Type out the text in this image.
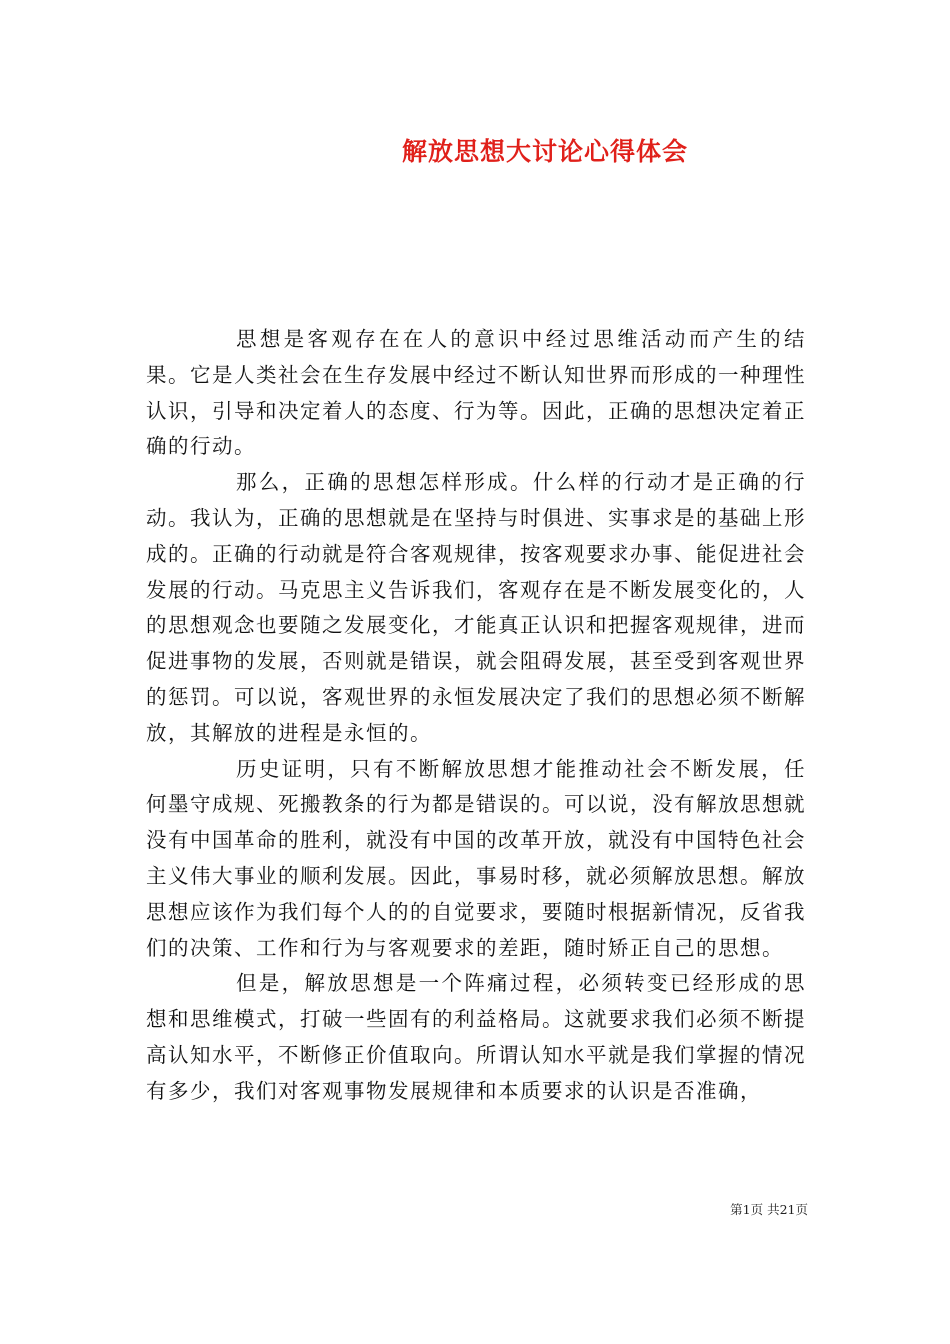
解放思想大讨论心得体会

思想是客观存在在人的意识中经过思维活动而产生的结果。它是人类社会在生存发展中经过不断认知世界而形成的一种理性认识，引导和决定着人的态度、行为等。因此，正确的思想决定着正确的行动。

那么，正确的思想怎样形成。什么样的行动才是正确的行动。我认为，正确的思想就是在坚持与时俱进、实事求是的基础上形成的。正确的行动就是符合客观规律，按客观要求办事、能促进社会发展的行动。马克思主义告诉我们，客观存在是不断发展变化的，人的思想观念也要随之发展变化，才能真正认识和把握客观规律，进而促进事物的发展，否则就是错误，就会阻碍发展，甚至受到客观世界的惩罚。可以说，客观世界的永恒发展决定了我们的思想必须不断解放，其解放的进程是永恒的。

历史证明，只有不断解放思想才能推动社会不断发展，任何墨守成规、死搬教条的行为都是错误的。可以说，没有解放思想就没有中国革命的胜利，就没有中国的改革开放，就没有中国特色社会主义伟大事业的顺利发展。因此，事易时移，就必须解放思想。解放思想应该作为我们每个人的的自觉要求，要随时根据新情况，反省我们的决策、工作和行为与客观要求的差距，随时矫正自己的思想。

但是，解放思想是一个阵痛过程，必须转变已经形成的思想和思维模式，打破一些固有的利益格局。这就要求我们必须不断提高认知水平，不断修正价值取向。所谓认知水平就是我们掌握的情况有多少，我们对客观事物发展规律和本质要求的认识是否准确，

第1页 共21页
